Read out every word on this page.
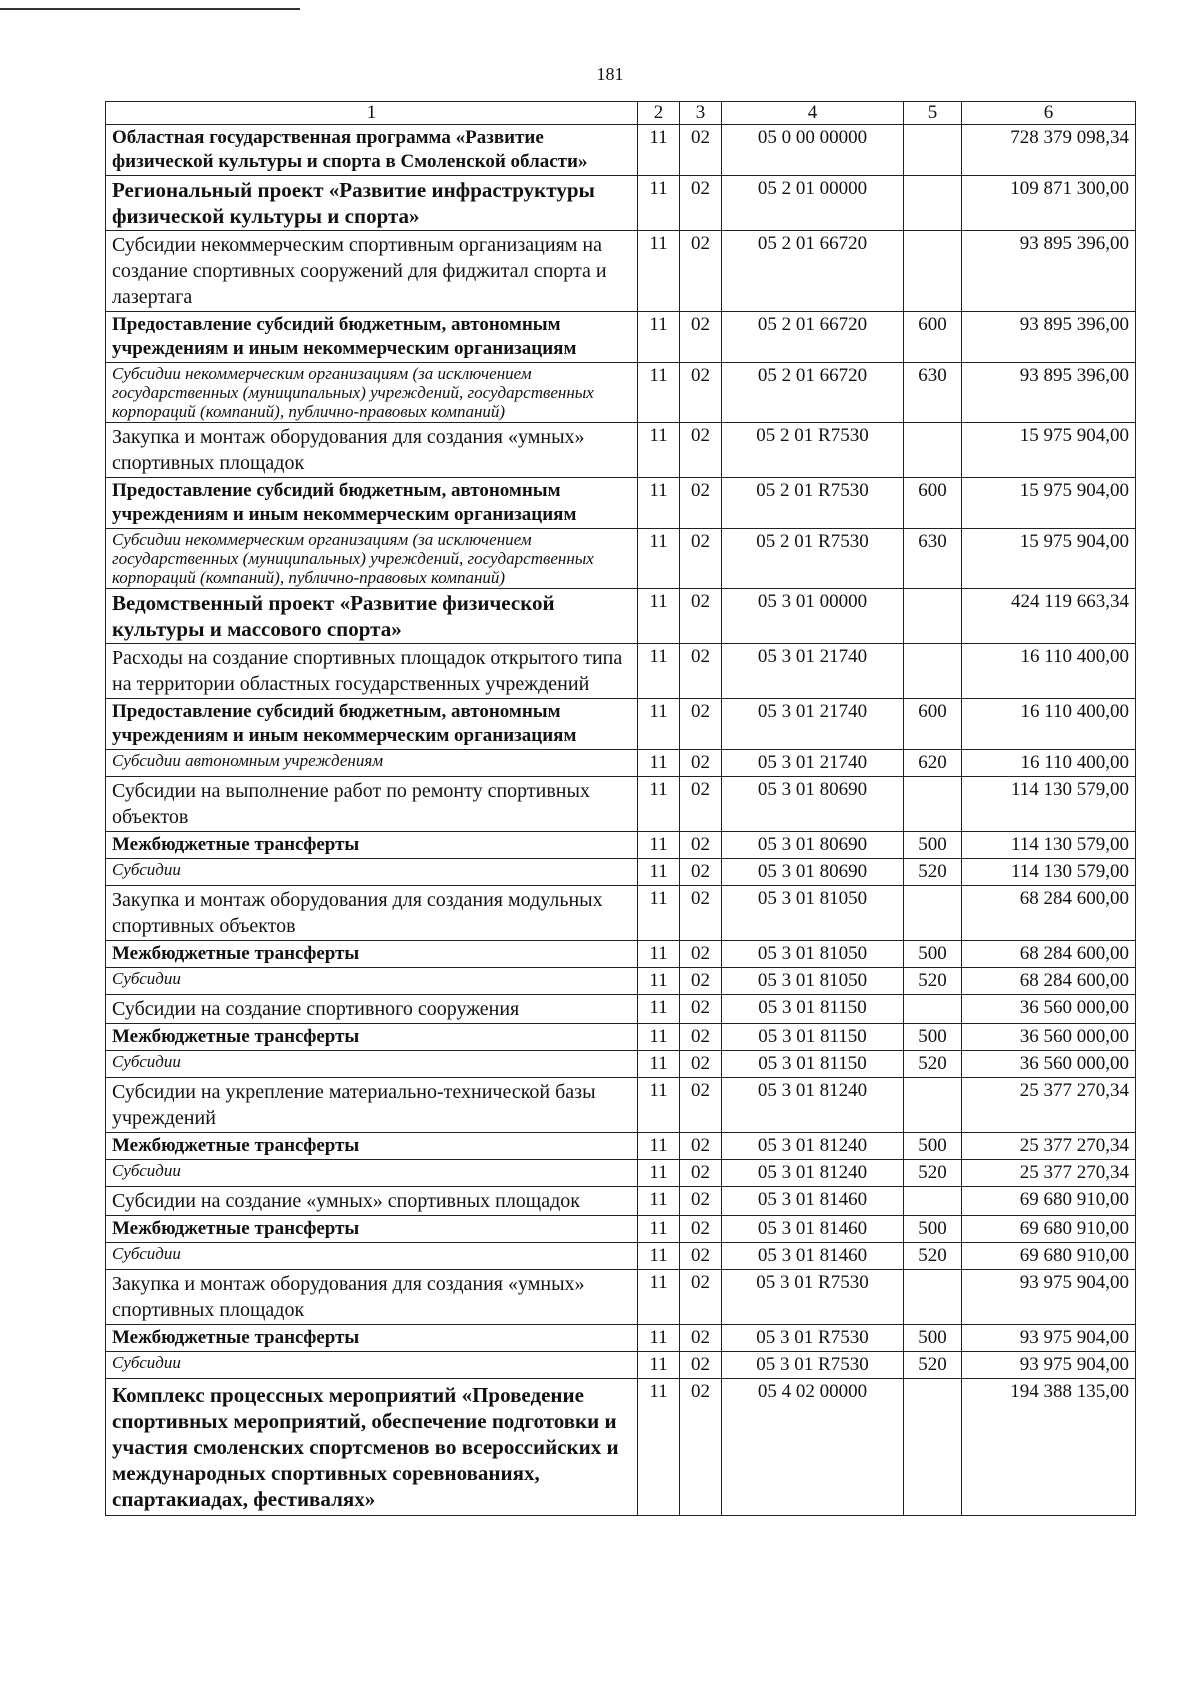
181
1	2	3	4	5	6
Областная государственная программа «Развитие физической культуры и спорта в Смоленской области»	11	02	05 0 00 00000		728 379 098,34
Региональный проект «Развитие инфраструктуры физической культуры и спорта»	11	02	05 2 01 00000		109 871 300,00
Субсидии некоммерческим спортивным организациям на создание спортивных сооружений для фиджитал спорта и лазертага	11	02	05 2 01 66720		93 895 396,00
Предоставление субсидий бюджетным, автономным учреждениям и иным некоммерческим организациям	11	02	05 2 01 66720	600	93 895 396,00
Субсидии некоммерческим организациям (за исключением государственных (муниципальных) учреждений, государственных корпораций (компаний), публично-правовых компаний)	11	02	05 2 01 66720	630	93 895 396,00
Закупка и монтаж оборудования для создания «умных» спортивных площадок	11	02	05 2 01 R7530		15 975 904,00
Предоставление субсидий бюджетным, автономным учреждениям и иным некоммерческим организациям	11	02	05 2 01 R7530	600	15 975 904,00
Субсидии некоммерческим организациям (за исключением государственных (муниципальных) учреждений, государственных корпораций (компаний), публично-правовых компаний)	11	02	05 2 01 R7530	630	15 975 904,00
Ведомственный проект «Развитие физической культуры и массового спорта»	11	02	05 3 01 00000		424 119 663,34
Расходы на создание спортивных площадок открытого типа на территории областных государственных учреждений	11	02	05 3 01 21740		16 110 400,00
Предоставление субсидий бюджетным, автономным учреждениям и иным некоммерческим организациям	11	02	05 3 01 21740	600	16 110 400,00
Субсидии автономным учреждениям	11	02	05 3 01 21740	620	16 110 400,00
Субсидии на выполнение работ по ремонту спортивных объектов	11	02	05 3 01 80690		114 130 579,00
Межбюджетные трансферты	11	02	05 3 01 80690	500	114 130 579,00
Субсидии	11	02	05 3 01 80690	520	114 130 579,00
Закупка и монтаж оборудования для создания модульных спортивных объектов	11	02	05 3 01 81050		68 284 600,00
Межбюджетные трансферты	11	02	05 3 01 81050	500	68 284 600,00
Субсидии	11	02	05 3 01 81050	520	68 284 600,00
Субсидии на создание спортивного сооружения	11	02	05 3 01 81150		36 560 000,00
Межбюджетные трансферты	11	02	05 3 01 81150	500	36 560 000,00
Субсидии	11	02	05 3 01 81150	520	36 560 000,00
Субсидии на укрепление материально-технической базы учреждений	11	02	05 3 01 81240		25 377 270,34
Межбюджетные трансферты	11	02	05 3 01 81240	500	25 377 270,34
Субсидии	11	02	05 3 01 81240	520	25 377 270,34
Субсидии на создание «умных» спортивных площадок	11	02	05 3 01 81460		69 680 910,00
Межбюджетные трансферты	11	02	05 3 01 81460	500	69 680 910,00
Субсидии	11	02	05 3 01 81460	520	69 680 910,00
Закупка и монтаж оборудования для создания «умных» спортивных площадок	11	02	05 3 01 R7530		93 975 904,00
Межбюджетные трансферты	11	02	05 3 01 R7530	500	93 975 904,00
Субсидии	11	02	05 3 01 R7530	520	93 975 904,00
Комплекс процессных мероприятий «Проведение спортивных мероприятий, обеспечение подготовки и участия смоленских спортсменов во всероссийских и международных спортивных соревнованиях, спартакиадах, фестивалях»	11	02	05 4 02 00000		194 388 135,00
